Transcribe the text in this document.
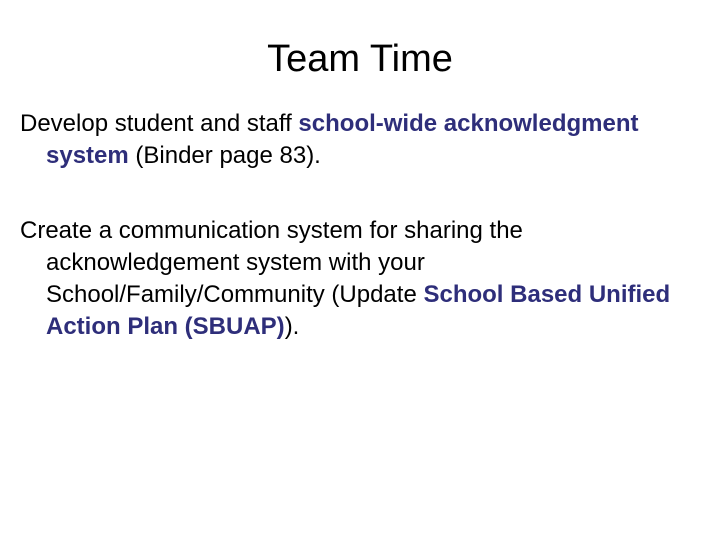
Team Time

Develop student and staff school-wide acknowledgment system (Binder page 83).

Create a communication system for sharing the acknowledgement system with your School/Family/Community (Update School Based Unified Action Plan (SBUAP)).
